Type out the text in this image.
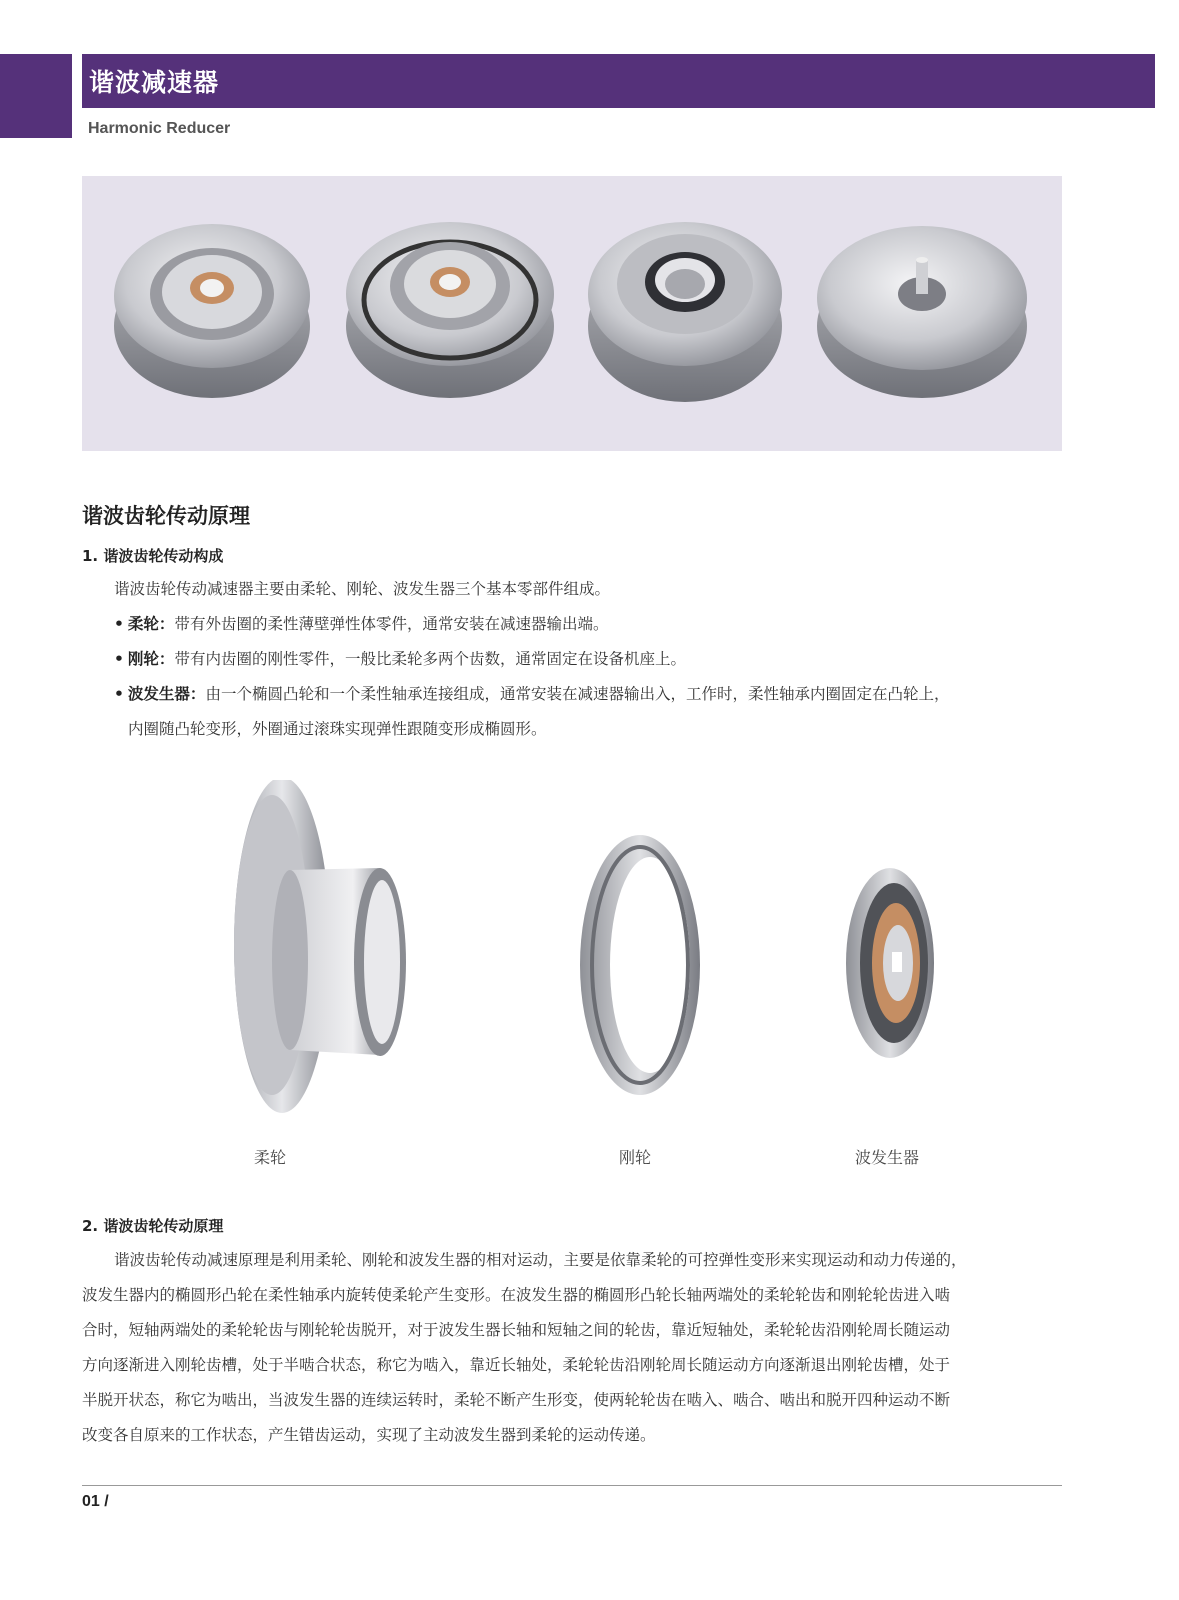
谐波减速器
Harmonic Reducer
谐波齿轮传动原理
1. 谐波齿轮传动构成
谐波齿轮传动减速器主要由柔轮、刚轮、波发生器三个基本零部件组成。
• 柔轮：带有外齿圈的柔性薄壁弹性体零件，通常安装在减速器输出端。
• 刚轮：带有内齿圈的刚性零件，一般比柔轮多两个齿数，通常固定在设备机座上。
• 波发生器：由一个椭圆凸轮和一个柔性轴承连接组成，通常安装在减速器输出入，工作时，柔性轴承内圈固定在凸轮上，
内圈随凸轮变形，外圈通过滚珠实现弹性跟随变形成椭圆形。
柔轮	刚轮	波发生器
2. 谐波齿轮传动原理
谐波齿轮传动减速原理是利用柔轮、刚轮和波发生器的相对运动，主要是依靠柔轮的可控弹性变形来实现运动和动力传递的，
波发生器内的椭圆形凸轮在柔性轴承内旋转使柔轮产生变形。在波发生器的椭圆形凸轮长轴两端处的柔轮轮齿和刚轮轮齿进入啮
合时，短轴两端处的柔轮轮齿与刚轮轮齿脱开，对于波发生器长轴和短轴之间的轮齿，靠近短轴处，柔轮轮齿沿刚轮周长随运动
方向逐渐进入刚轮齿槽，处于半啮合状态，称它为啮入，靠近长轴处，柔轮轮齿沿刚轮周长随运动方向逐渐退出刚轮齿槽，处于
半脱开状态，称它为啮出，当波发生器的连续运转时，柔轮不断产生形变，使两轮轮齿在啮入、啮合、啮出和脱开四种运动不断
改变各自原来的工作状态，产生错齿运动，实现了主动波发生器到柔轮的运动传递。
01 /
